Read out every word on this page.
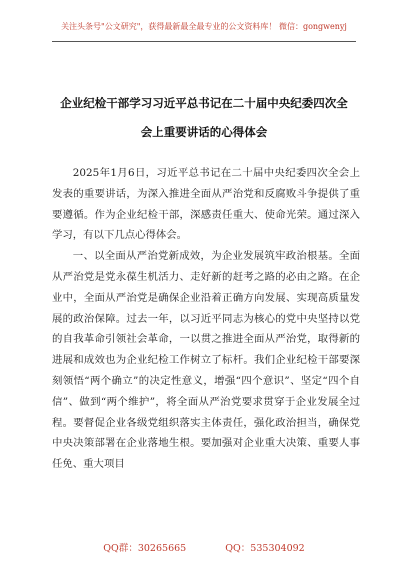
关注头条号"公文研究"，获得最新最全最专业的公文资料库！ 微信：gongwenyj
企业纪检干部学习习近平总书记在二十届中央纪委四次全
会上重要讲话的心得体会

2025年1月6日，习近平总书记在二十届中央纪委四次全会上发表的重要讲话，为深入推进全面从严治党和反腐败斗争提供了重要遵循。作为企业纪检干部，深感责任重大、使命光荣。通过深入学习，有以下几点心得体会。

一、以全面从严治党新成效，为企业发展筑牢政治根基。全面从严治党是党永葆生机活力、走好新的赶考之路的必由之路。在企业中，全面从严治党是确保企业沿着正确方向发展、实现高质量发展的政治保障。过去一年，以习近平同志为核心的党中央坚持以党的自我革命引领社会革命，一以贯之推进全面从严治党，取得新的进展和成效也为企业纪检工作树立了标杆。我们企业纪检干部要深刻领悟“两个确立”的决定性意义，增强“四个意识”、坚定“四个自信”、做到“两个维护”，将全面从严治党要求贯穿于企业发展全过程。要督促企业各级党组织落实主体责任，强化政治担当，确保党中央决策部署在企业落地生根。要加强对企业重大决策、重要人事任免、重大项目

QQ群：30265665	QQ：535304092
